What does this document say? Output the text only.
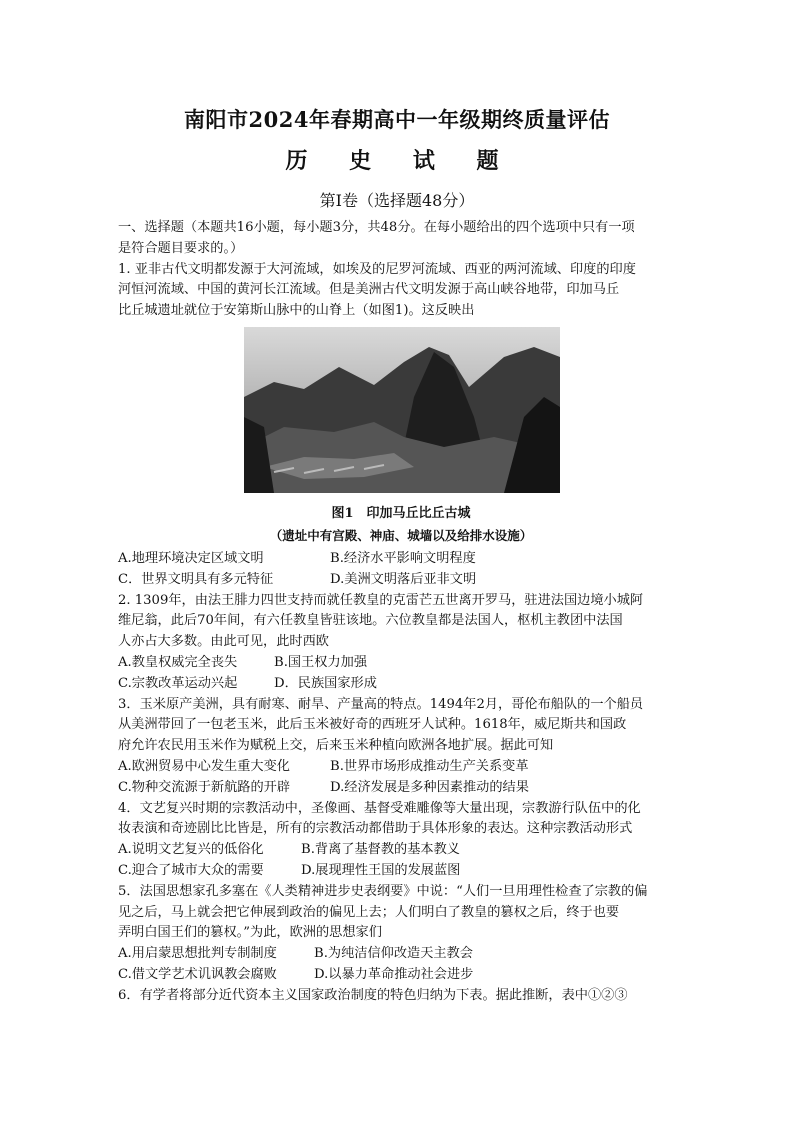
南阳市2024年春期高中一年级期终质量评估
历 史 试 题
第Ⅰ卷（选择题48分）

一、选择题（本题共16小题，每小题3分，共48分。在每小题给出的四个选项中只有一项

是符合题目要求的。）

1. 亚非古代文明都发源于大河流域，如埃及的尼罗河流域、西亚的两河流域、印度的印度

河恒河流域、中国的黄河长江流域。但是美洲古代文明发源于高山峡谷地带，印加马丘

比丘城遗址就位于安第斯山脉中的山脊上（如图1)。这反映出

图1　印加马丘比丘古城
（遗址中有宫殿、神庙、城墙以及给排水设施）
A.地理环境决定区域文明	B.经济水平影响文明程度
C．世界文明具有多元特征	D.美洲文明落后亚非文明

2. 1309年，由法王腓力四世支持而就任教皇的克雷芒五世离开罗马，驻进法国边境小城阿

维尼翁，此后70年间，有六任教皇皆驻该地。六位教皇都是法国人，枢机主教团中法国

人亦占大多数。由此可见，此时西欧

A.教皇权威完全丧失	B.国王权力加强
C.宗教改革运动兴起	D．民族国家形成

3．玉米原产美洲，具有耐寒、耐旱、产量高的特点。1494年2月，哥伦布船队的一个船员

从美洲带回了一包老玉米，此后玉米被好奇的西班牙人试种。1618年，威尼斯共和国政

府允许农民用玉米作为赋税上交，后来玉米种植向欧洲各地扩展。据此可知

A.欧洲贸易中心发生重大变化	B.世界市场形成推动生产关系变革
C.物种交流源于新航路的开辟	D.经济发展是多种因素推动的结果

4．文艺复兴时期的宗教活动中，圣像画、基督受难雕像等大量出现，宗教游行队伍中的化

妆表演和奇迹剧比比皆是，所有的宗教活动都借助于具体形象的表达。这种宗教活动形式

A.说明文艺复兴的低俗化	B.背离了基督教的基本教义
C.迎合了城市大众的需要	D.展现理性王国的发展蓝图

5．法国思想家孔多塞在《人类精神进步史表纲要》中说：“人们一旦用理性检查了宗教的偏

见之后，马上就会把它伸展到政治的偏见上去；人们明白了教皇的篡权之后，终于也要

弄明白国王们的篡权。”为此，欧洲的思想家们

A.用启蒙思想批判专制制度	B.为纯洁信仰改造天主教会
C.借文学艺术讥讽教会腐败	D.以暴力革命推动社会进步

6．有学者将部分近代资本主义国家政治制度的特色归纳为下表。据此推断，表中①②③
